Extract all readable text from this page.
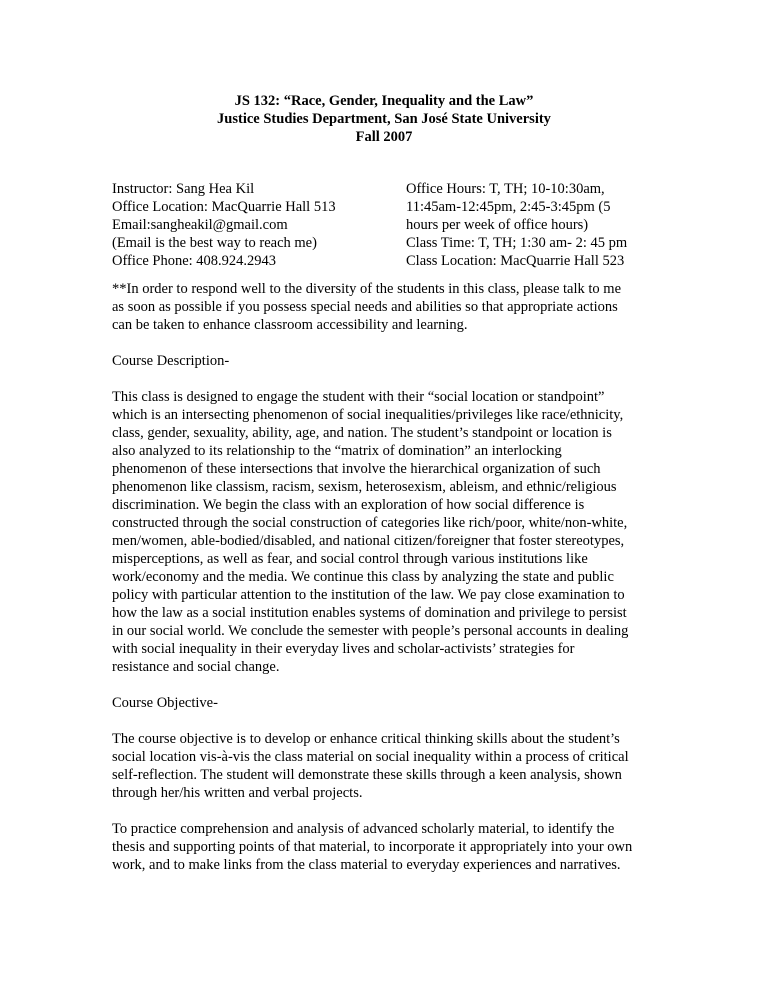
JS 132: “Race, Gender, Inequality and the Law”
Justice Studies Department, San José State University
Fall 2007
Instructor: Sang Hea Kil
Office Location: MacQuarrie Hall 513
Email:sangheakil@gmail.com
(Email is the best way to reach me)
Office Phone: 408.924.2943
Office Hours: T, TH; 10-10:30am,
11:45am-12:45pm, 2:45-3:45pm (5
hours per week of office hours)
Class Time: T, TH; 1:30 am- 2: 45 pm
Class Location: MacQuarrie Hall 523
**In order to respond well to the diversity of the students in this class, please talk to me
as soon as possible if you possess special needs and abilities so that appropriate actions
can be taken to enhance classroom accessibility and learning.
Course Description-
This class is designed to engage the student with their “social location or standpoint”
which is an intersecting phenomenon of social inequalities/privileges like race/ethnicity,
class, gender, sexuality, ability, age, and nation. The student’s standpoint or location is
also analyzed to its relationship to the “matrix of domination” an interlocking
phenomenon of these intersections that involve the hierarchical organization of such
phenomenon like classism, racism, sexism, heterosexism, ableism, and ethnic/religious
discrimination. We begin the class with an exploration of how social difference is
constructed through the social construction of categories like rich/poor, white/non-white,
men/women, able-bodied/disabled, and national citizen/foreigner that foster stereotypes,
misperceptions, as well as fear, and social control through various institutions like
work/economy and the media. We continue this class by analyzing the state and public
policy with particular attention to the institution of the law. We pay close examination to
how the law as a social institution enables systems of domination and privilege to persist
in our social world. We conclude the semester with people’s personal accounts in dealing
with social inequality in their everyday lives and scholar-activists’ strategies for
resistance and social change.
Course Objective-
The course objective is to develop or enhance critical thinking skills about the student’s
social location vis-à-vis the class material on social inequality within a process of critical
self-reflection. The student will demonstrate these skills through a keen analysis, shown
through her/his written and verbal projects.
To practice comprehension and analysis of advanced scholarly material, to identify the
thesis and supporting points of that material, to incorporate it appropriately into your own
work, and to make links from the class material to everyday experiences and narratives.
